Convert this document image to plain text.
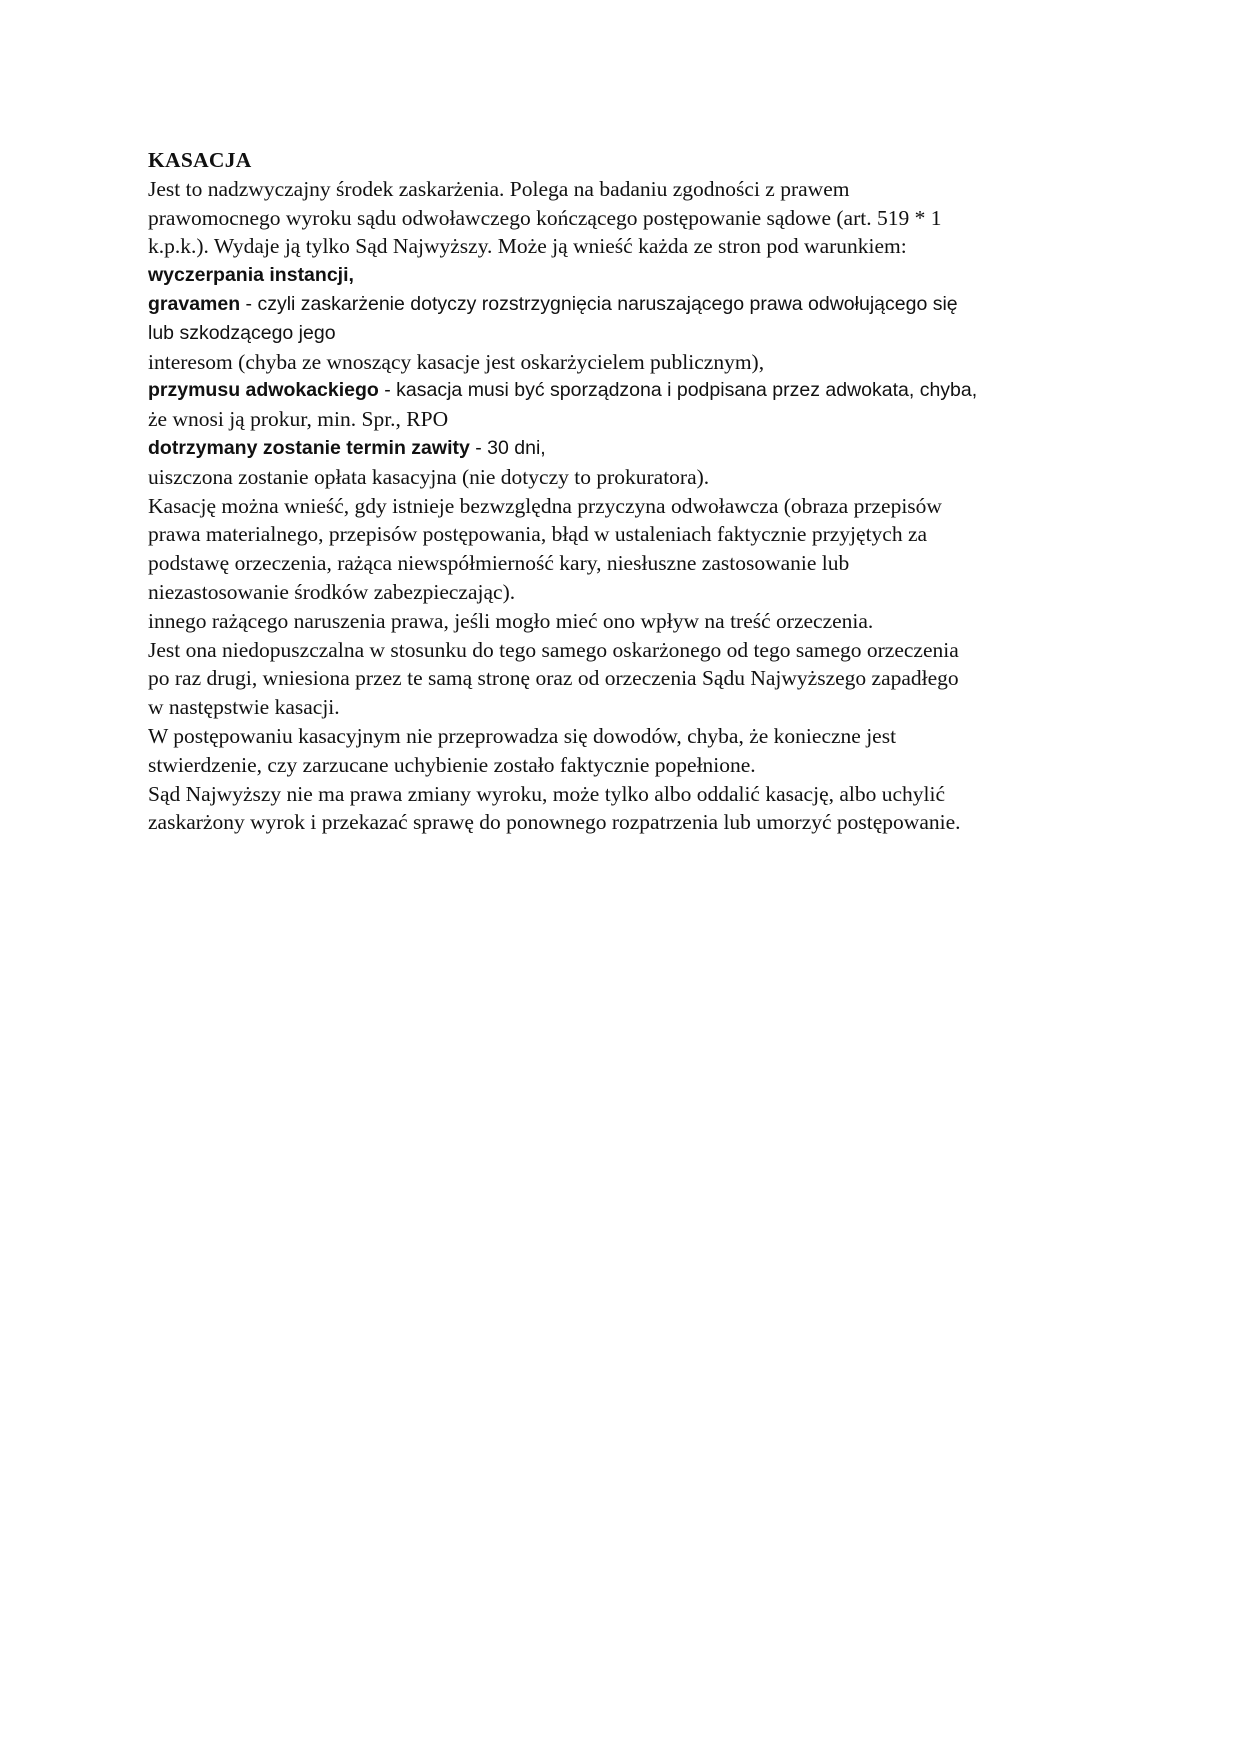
KASACJA

Jest to nadzwyczajny środek zaskarżenia. Polega na badaniu zgodności z prawem

prawomocnego wyroku sądu odwoławczego kończącego postępowanie sądowe (art. 519 * 1

k.p.k.). Wydaje ją tylko Sąd Najwyższy. Może ją wnieść każda ze stron pod warunkiem:

wyczerpania instancji,

gravamen - czyli zaskarżenie dotyczy rozstrzygnięcia naruszającego prawa odwołującego się

lub szkodzącego jego

interesom (chyba ze wnoszący kasacje jest oskarżycielem publicznym),

przymusu adwokackiego - kasacja musi być sporządzona i podpisana przez adwokata, chyba,

że wnosi ją prokur, min. Spr., RPO

dotrzymany zostanie termin zawity - 30 dni,

uiszczona zostanie opłata kasacyjna (nie dotyczy to prokuratora).

Kasację można wnieść, gdy istnieje bezwzględna przyczyna odwoławcza (obraza przepisów

prawa materialnego, przepisów postępowania, błąd w ustaleniach faktycznie przyjętych za

podstawę orzeczenia, rażąca niewspółmierność kary, niesłuszne zastosowanie lub

niezastosowanie środków zabezpieczając).

innego rażącego naruszenia prawa, jeśli mogło mieć ono wpływ na treść orzeczenia.

Jest ona niedopuszczalna w stosunku do tego samego oskarżonego od tego samego orzeczenia

po raz drugi, wniesiona przez te samą stronę oraz od orzeczenia Sądu Najwyższego zapadłego

w następstwie kasacji.

W postępowaniu kasacyjnym nie przeprowadza się dowodów, chyba, że konieczne jest

stwierdzenie, czy zarzucane uchybienie zostało faktycznie popełnione.

Sąd Najwyższy nie ma prawa zmiany wyroku, może tylko albo oddalić kasację, albo uchylić

zaskarżony wyrok i przekazać sprawę do ponownego rozpatrzenia lub umorzyć postępowanie.
